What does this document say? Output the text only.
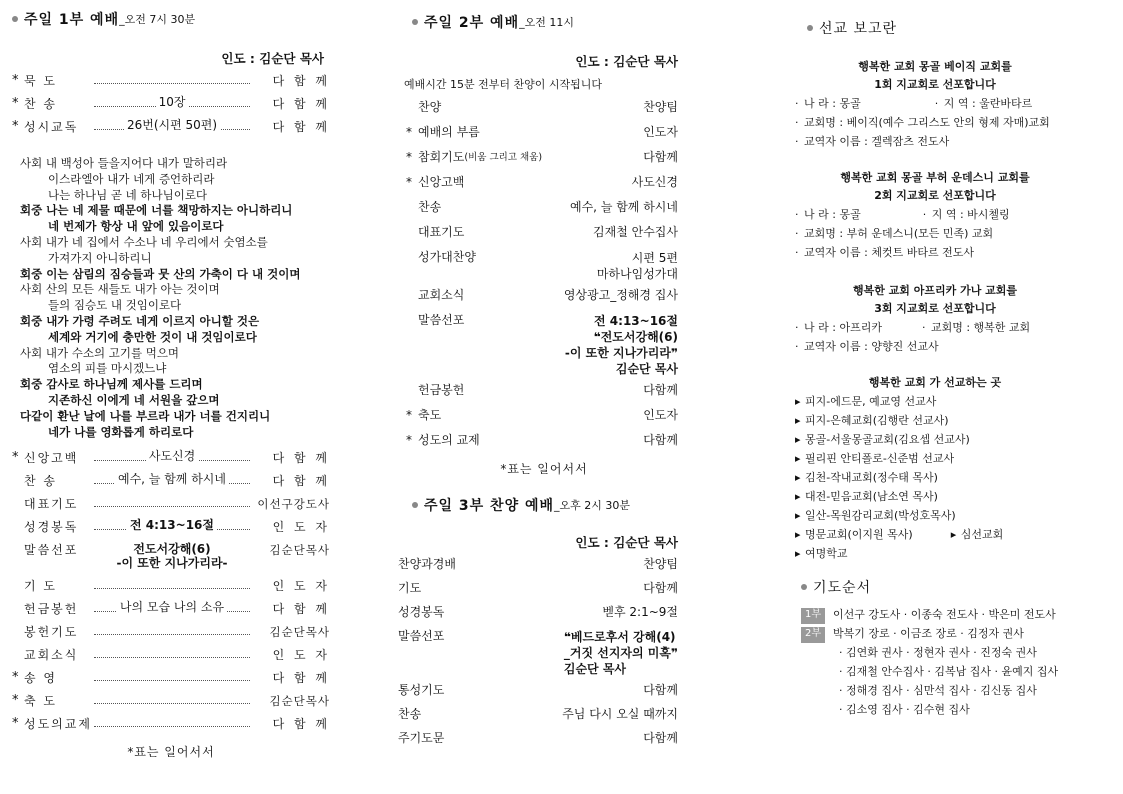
주일 1부 예배 _오전 7시 30분
인도 : 김순단 목사
* 묵 도	다 함 께
* 찬 송	10장	다 함 께
* 성시교독	26번(시편 50편)	다 함 께
사회 내 백성아 들을지어다 내가 말하리라
이스라엘아 내가 네게 증언하리라
나는 하나님 곧 네 하나님이로다
회중 나는 네 제물 때문에 너를 책망하지는 아니하리니
네 번제가 항상 내 앞에 있음이로다
사회 내가 네 집에서 수소나 네 우리에서 숫염소를
가져가지 아니하리니
회중 이는 삼림의 짐승들과 뭇 산의 가축이 다 내 것이며
사회 산의 모든 새들도 내가 아는 것이며
들의 짐승도 내 것임이로다
회중 내가 가령 주려도 네게 이르지 아니할 것은
세계와 거기에 충만한 것이 내 것임이로다
사회 내가 수소의 고기를 먹으며
염소의 피를 마시겠느냐
회중 감사로 하나님께 제사를 드리며
지존하신 이에게 네 서원을 갚으며
다같이 환난 날에 나를 부르라 내가 너를 건지리니
네가 나를 영화롭게 하리로다
* 신앙고백	사도신경	다 함 께
찬 송	예수, 늘 함께 하시네	다 함 께
대표기도	이선구강도사
성경봉독	전 4:13~16절	인 도 자
말씀선포	전도서강해(6)
-이 또한 지나가리라-
김순단목사
기 도	인 도 자
헌금봉헌	나의 모습 나의 소유	다 함 께
봉헌기도	김순단목사
교회소식	인 도 자
* 송 영	다 함 께
* 축 도	김순단목사
* 성도의교제	다 함 께
*표는 일어서서
주일 2부 예배 _오전 11시
인도 : 김순단 목사
예배시간 15분 전부터 찬양이 시작됩니다
찬양	찬양팀
* 예배의 부름	인도자
* 참회기도 (비움 그리고 채움)	다함께
* 신앙고백	사도신경
찬송	예수, 늘 함께 하시네
대표기도	김재철 안수집사
성가대찬양	시편 5편
마하나임성가대
교회소식	영상광고_정해경 집사
말씀선포	전 4:13~16절
❝전도서강해(6)
-이 또한 지나가리라❞
김순단 목사
헌금봉헌	다함께
* 축도	인도자
* 성도의 교제	다함께
*표는 일어서서
주일 3부 찬양 예배 _오후 2시 30분
인도 : 김순단 목사
찬양과경배	찬양팀
기도	다함께
성경봉독	벧후 2:1~9절
말씀선포	❝베드로후서 강해(4)
_거짓 선지자의 미혹❞
김순단 목사
통성기도	다함께
찬송	주님 다시 오실 때까지
주기도문	다함께
선교 보고란
행복한 교회 몽골 베이직 교회를
1회 지교회로 선포합니다
· 나 라 : 몽골	· 지 역 : 울란바타르
· 교회명 : 베이직(예수 그리스도 안의 형제 자매)교회
· 교역자 이름 : 겔렉잠츠 전도사
행복한 교회 몽골 부허 운데스니 교회를
2회 지교회로 선포합니다
· 나 라 : 몽골	· 지 역 : 바시첼링
· 교회명 : 부허 운데스니(모든 민족) 교회
· 교역자 이름 : 체컷트 바타르 전도사
행복한 교회 아프리카 가나 교회를
3회 지교회로 선포합니다
· 나 라 : 아프리카	· 교회명 : 행복한 교회
· 교역자 이름 : 양향진 선교사
행복한 교회 가 선교하는 곳
▸ 피지-에드문, 예교영 선교사
▸ 피지-은혜교회(김행란 선교사)
▸ 몽골-서울몽골교회(김요셉 선교사)
▸ 필리핀 안티폴로-신준범 선교사
▸ 김천-작내교회(정수태 목사)
▸ 대전-믿음교회(남소연 목사)
▸ 일산-목원감리교회(박성호목사)
▸ 명문교회(이지원 목사)	▸ 심선교회
▸ 여명학교
기도순서
1부	이선구 강도사 · 이종숙 전도사 · 박은미 전도사
2부	박복기 장로 · 이금조 장로 · 김정자 권사
· 김연화 권사 · 정현자 권사 · 진정숙 권사
· 김재철 안수집사 · 김복남 집사 · 윤예지 집사
· 정해경 집사 · 심만석 집사 · 김신동 집사
· 김소영 집사 · 김수현 집사
